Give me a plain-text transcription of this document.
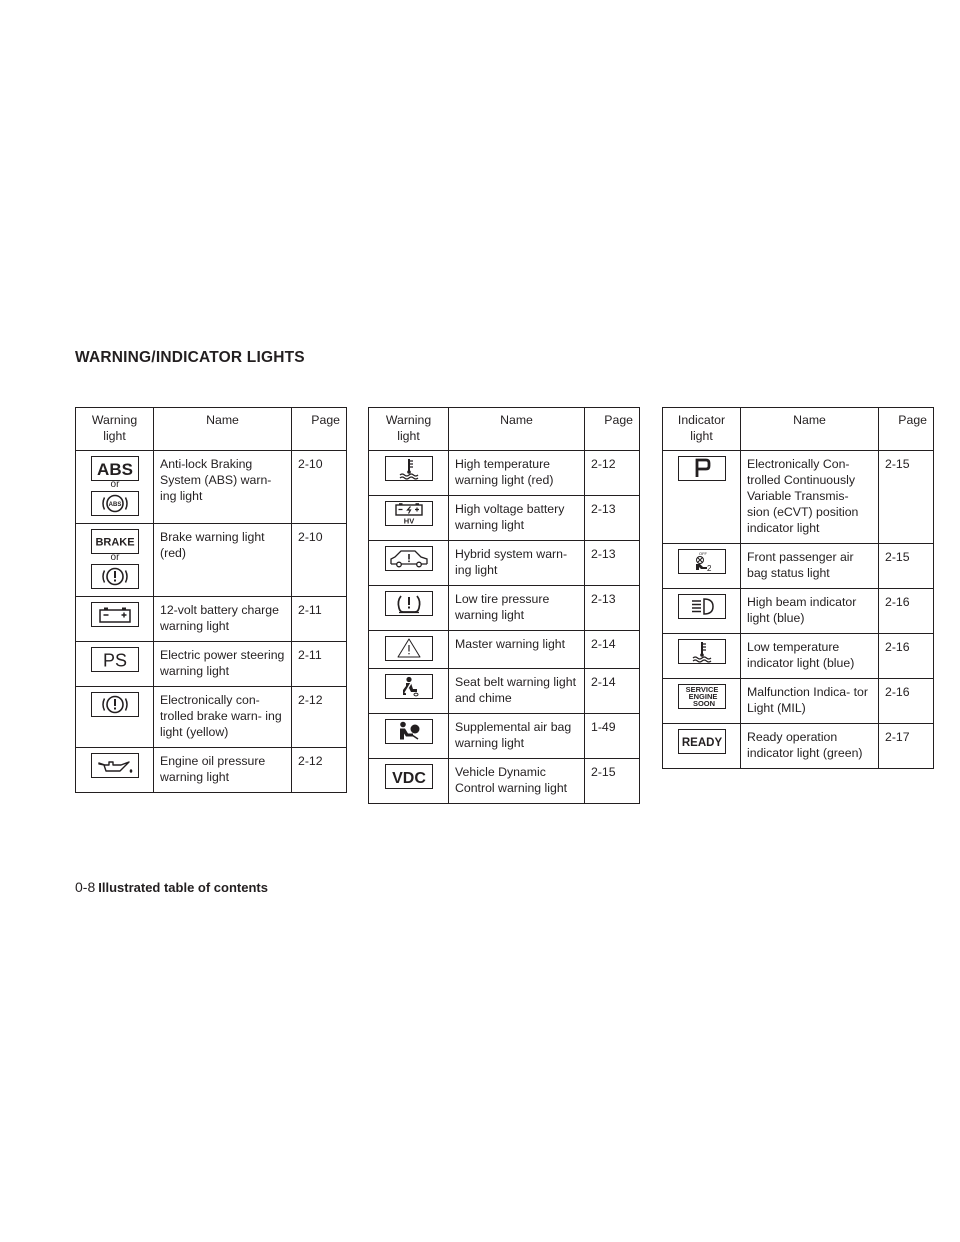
WARNING/INDICATOR LIGHTS
Warning light	Name	Page

ABS
or
ABS	Anti-lock Braking System (ABS) warn- ing light	2-10

BRAKE
or	Brake warning light (red)	2-10

	12-volt battery charge warning light	2-11

PS	Electric power steering warning light	2-11

	Electronically con- trolled brake warn- ing light (yellow)	2-12

	Engine oil pressure warning light	2-12
Warning light	Name	Page

	High temperature warning light (red)	2-12

HV	High voltage battery warning light	2-13

	Hybrid system warn- ing light	2-13

	Low tire pressure warning light	2-13

	Master warning light	2-14

	Seat belt warning light and chime	2-14

	Supplemental air bag warning light	1-49

VDC	Vehicle Dynamic Control warning light	2-15
Indicator light	Name	Page

	Electronically Con- trolled Continuously Variable Transmis- sion (eCVT) position indicator light	2-15

OFF
2	Front passenger air bag status light	2-15

	High beam indicator light (blue)	2-16

	Low temperature indicator light (blue)	2-16

SERVICE
ENGINE
SOON	Malfunction Indica- tor Light (MIL)	2-16

READY	Ready operation indicator light (green)	2-17
0-8 Illustrated table of contents
